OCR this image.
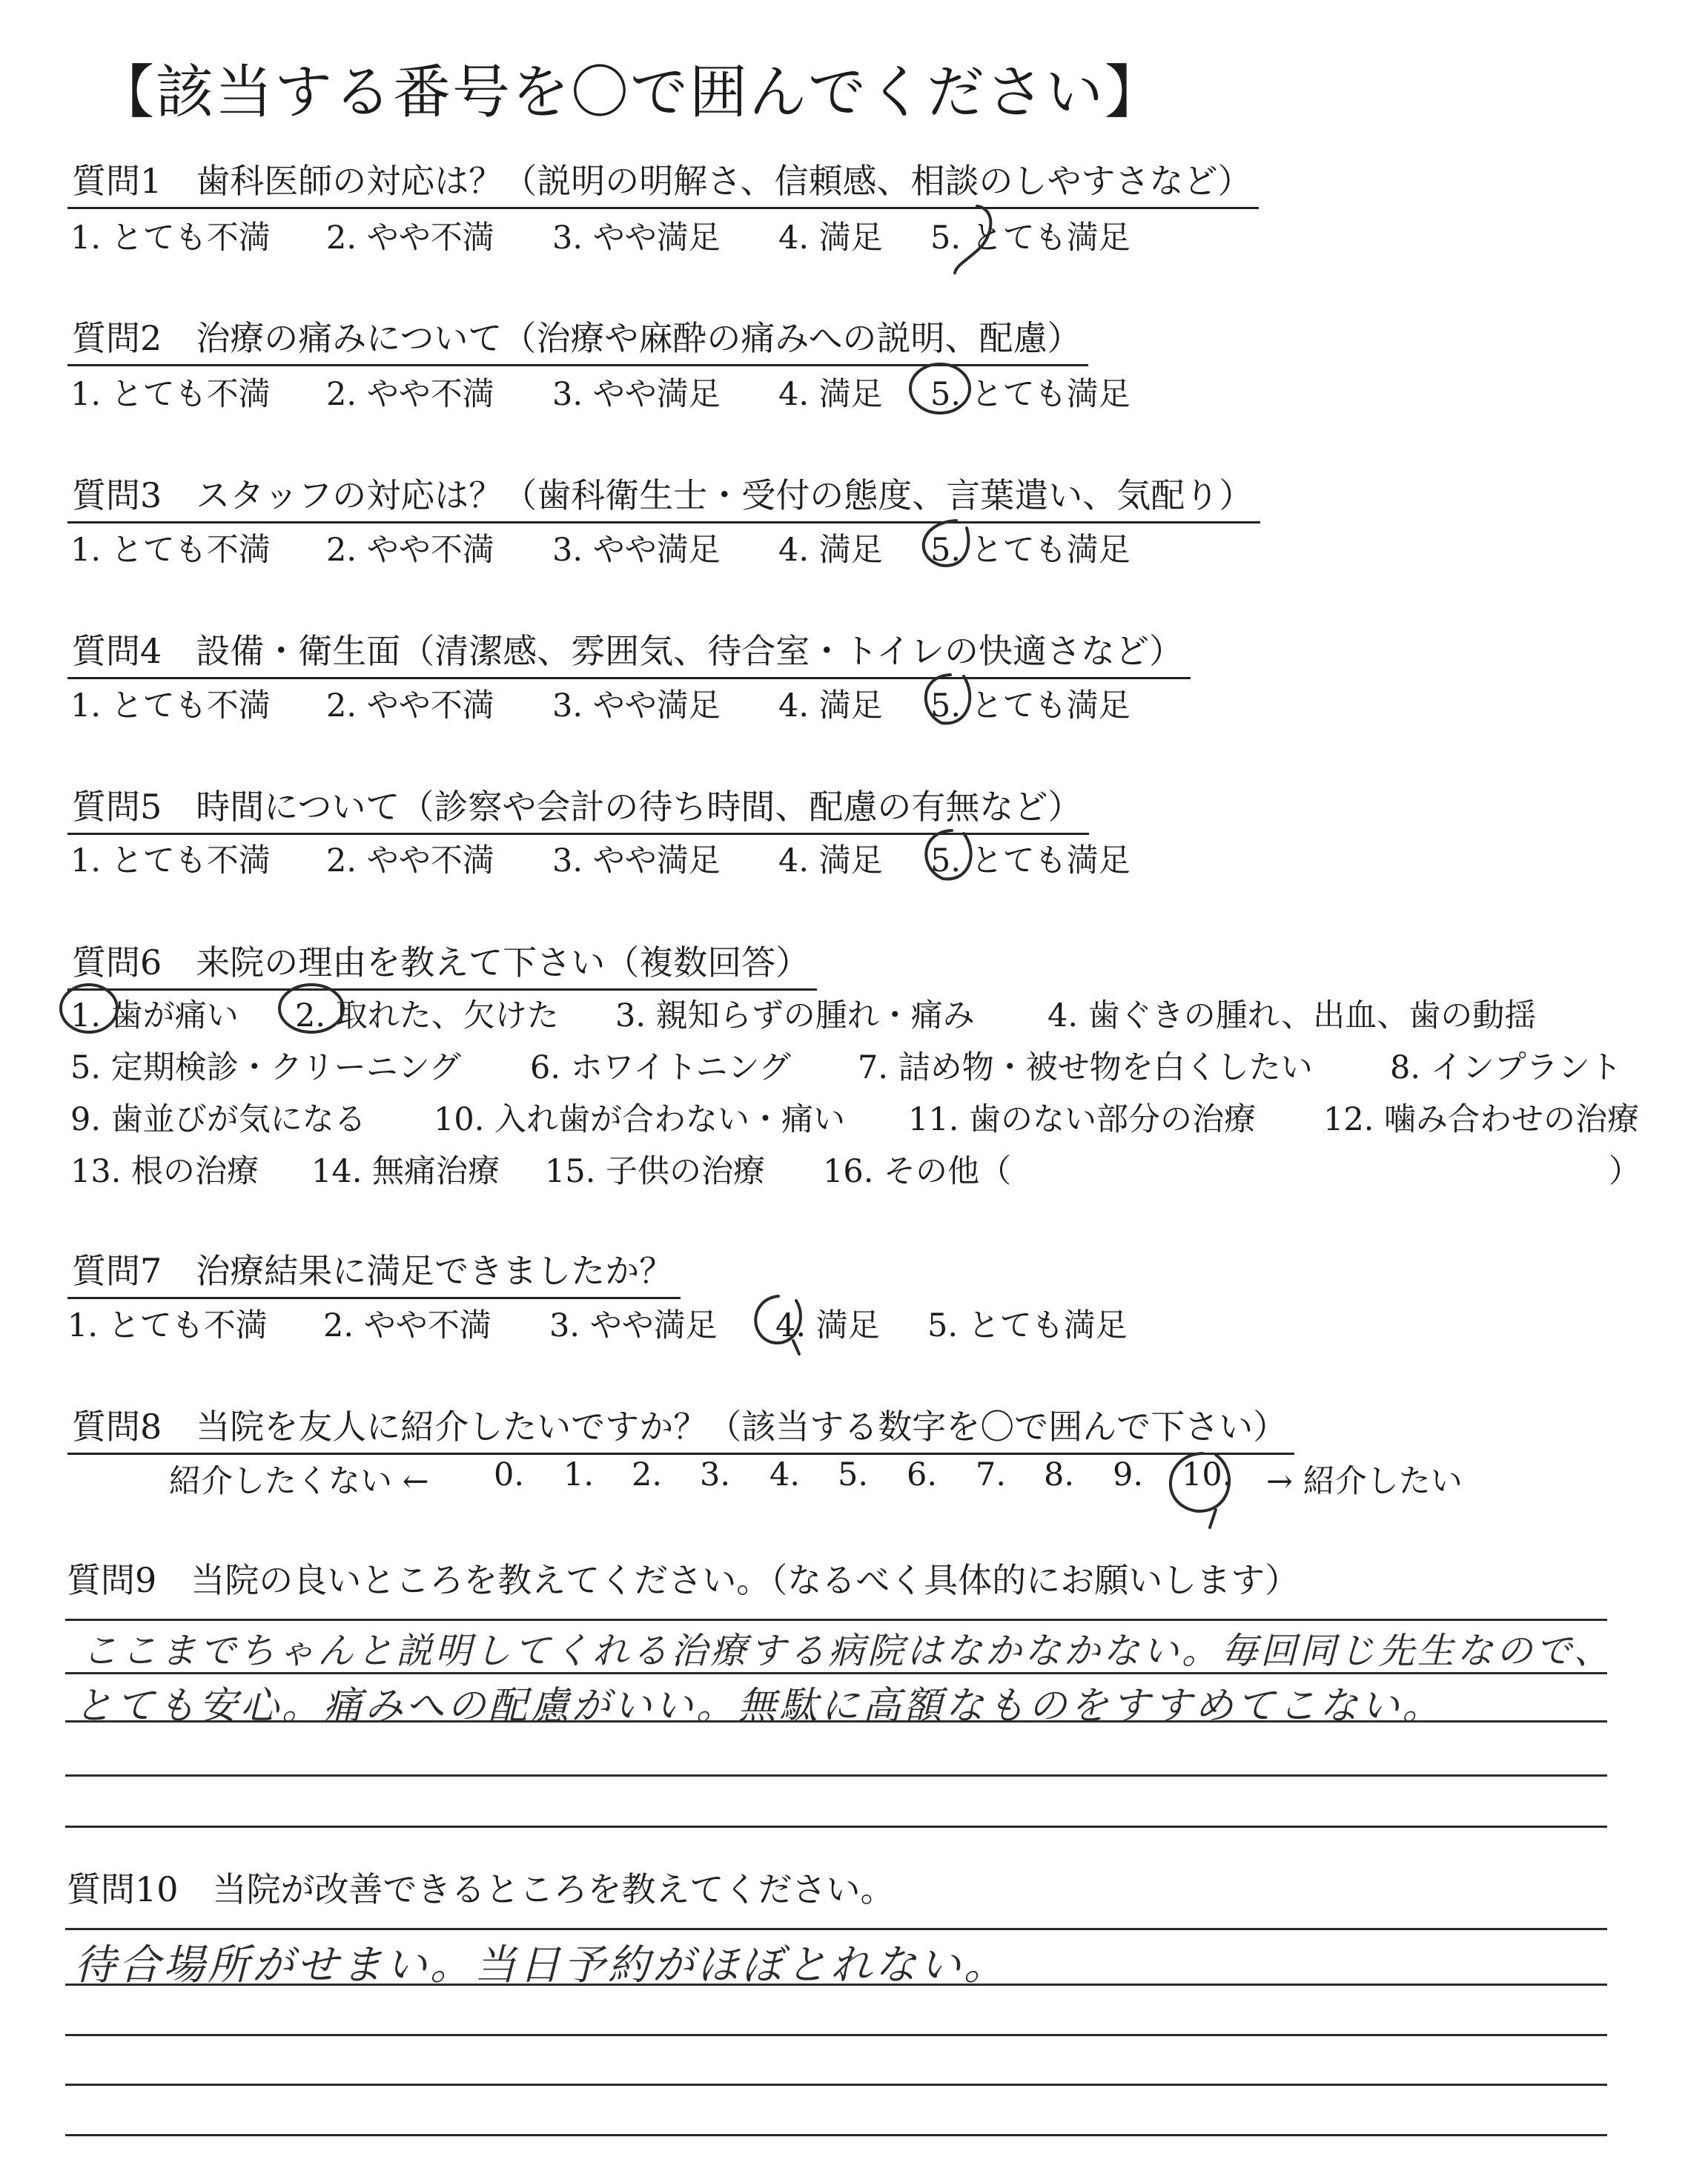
【該当する番号を〇で囲んでください】
質問1 歯科医師の対応は？（説明の明解さ、信頼感、相談のしやすさなど）
1. とても不満 2. やや不満 3. やや満足 4. 満足 5. とても満足
質問2 治療の痛みについて（治療や麻酔の痛みへの説明、配慮）
1. とても不満 2. やや不満 3. やや満足 4. 満足 5. とても満足
質問3 スタッフの対応は？（歯科衛生士・受付の態度、言葉遣い、気配り）
1. とても不満 2. やや不満 3. やや満足 4. 満足 5. とても満足
質問4 設備・衛生面（清潔感、雰囲気、待合室・トイレの快適さなど）
1. とても不満 2. やや不満 3. やや満足 4. 満足 5. とても満足
質問5 時間について（診察や会計の待ち時間、配慮の有無など）
1. とても不満 2. やや不満 3. やや満足 4. 満足 5. とても満足
質問6 来院の理由を教えて下さい（複数回答）
1. 歯が痛い 2. 取れた、欠けた 3. 親知らずの腫れ・痛み 4. 歯ぐきの腫れ、出血、歯の動揺
5. 定期検診・クリーニング 6. ホワイトニング 7. 詰め物・被せ物を白くしたい 8. インプラント
9. 歯並びが気になる 10. 入れ歯が合わない・痛い 11. 歯のない部分の治療 12. 噛み合わせの治療
13. 根の治療 14. 無痛治療 15. 子供の治療 16. その他（	）
質問7 治療結果に満足できましたか？
1. とても不満 2. やや不満 3. やや満足 4. 満足 5. とても満足
質問8 当院を友人に紹介したいですか？（該当する数字を〇で囲んで下さい）
紹介したくない ← 0. 1. 2. 3. 4. 5. 6. 7. 8. 9. 10. → 紹介したい
質問9 当院の良いところを教えてください。（なるべく具体的にお願いします）
ここまでちゃんと説明してくれる治療する病院はなかなかない。毎回同じ先生なので、
とても安心。痛みへの配慮がいい。無駄に高額なものをすすめてこない。
質問10 当院が改善できるところを教えてください。
待合場所がせまい。当日予約がほぼとれない。
